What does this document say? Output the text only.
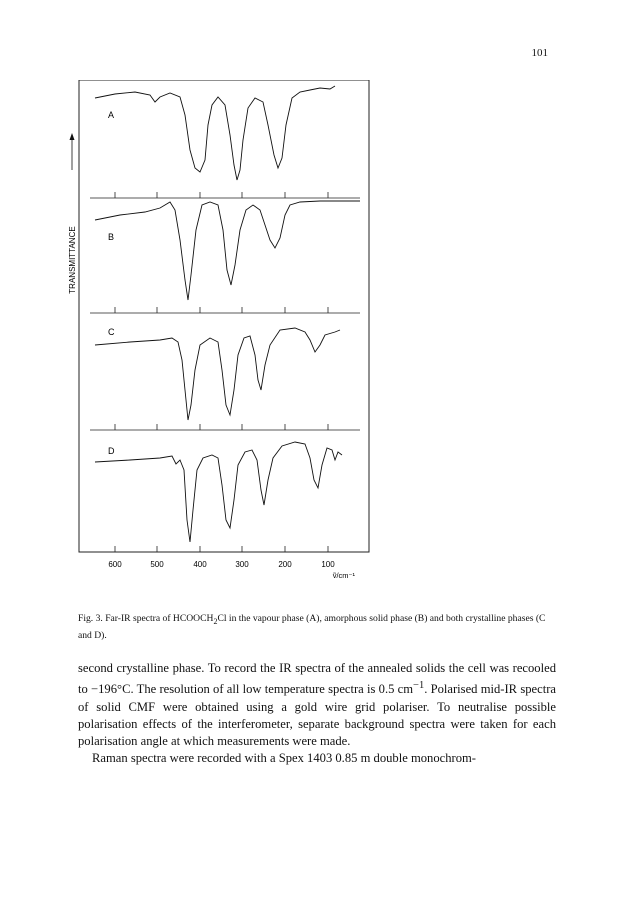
101
A
B
C
D
TRANSMITTANCE
600	500	400	300	200	100
ṽ/cm⁻¹

Fig. 3. Far-IR spectra of $HCOOCH_2Cl$ in the vapour phase (A), amorphous solid phase (B) and both crystalline phases (C and D).

second crystalline phase. To record the IR spectra of the annealed solids the cell was recooled to −196°C. The resolution of all low temperature spectra is 0.5 $cm^{-1}$. Polarised mid-IR spectra of solid CMF were obtained using a gold wire grid polariser. To neutralise possible polarisation effects of the interferometer, separate background spectra were taken for each polarisation angle at which measurements were made.
Raman spectra were recorded with a Spex 1403 0.85 m double monochrom-
